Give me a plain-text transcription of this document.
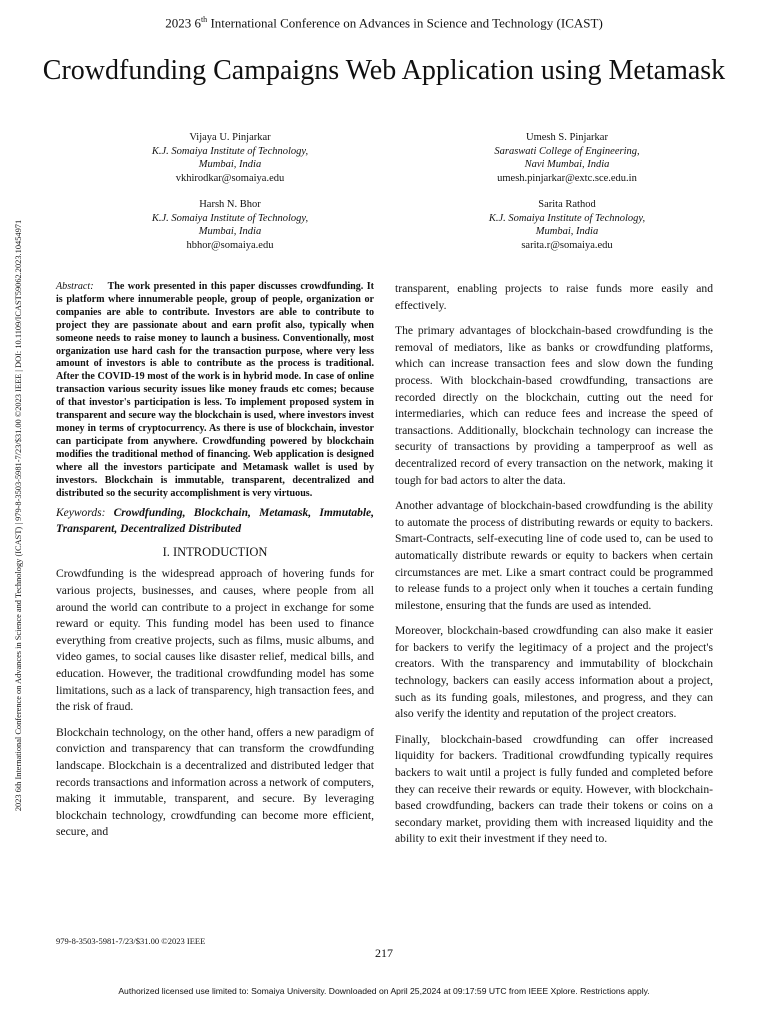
2023 6th International Conference on Advances in Science and Technology (ICAST)
Crowdfunding Campaigns Web Application using Metamask
Vijaya U. Pinjarkar
K.J. Somaiya Institute of Technology,
Mumbai, India
vkhirodkar@somaiya.edu
Umesh S. Pinjarkar
Saraswati College of Engineering,
Navi Mumbai, India
umesh.pinjarkar@extc.sce.edu.in
Harsh N. Bhor
K.J. Somaiya Institute of Technology,
Mumbai, India
hbhor@somaiya.edu
Sarita Rathod
K.J. Somaiya Institute of Technology,
Mumbai, India
sarita.r@somaiya.edu
2023 6th International Conference on Advances in Science and Technology (ICAST) | 979-8-3503-5981-7/23/$31.00 ©2023 IEEE | DOI: 10.1109/ICAST59062.2023.10454971	Abstract: The work presented in this paper discusses crowdfunding. It is platform where innumerable people, group of people, organization or companies are able to contribute. Investors are able to contribute to project they are passionate about and earn profit also, typically when someone needs to raise money to launch a business. Conventionally, most organization use hard cash for the transaction purpose, where very less amount of investors is able to contribute as the process is traditional. After the COVID-19 most of the work is in hybrid mode. In case of online transaction various security issues like money frauds etc comes; because of that investor's participation is less. To implement proposed system in transparent and secure way the blockchain is used, where investors invest money in terms of cryptocurrency. As there is use of blockchain, investor can participate from anywhere. Crowdfunding powered by blockchain modifies the traditional method of financing. Web application is designed where all the investors participate and Metamask wallet is used by investors. Blockchain is immutable, transparent, decentralized and distributed so the security accomplishment is very virtuous.

Keywords: Crowdfunding, Blockchain, Metamask, Immutable, Transparent, Decentralized Distributed

I. INTRODUCTION

Crowdfunding is the widespread approach of hovering funds for various projects, businesses, and causes, where people from all around the world can contribute to a project in exchange for some reward or equity. This funding model has been used to finance everything from creative projects, such as films, music albums, and video games, to social causes like disaster relief, medical bills, and education. However, the traditional crowdfunding model has some limitations, such as a lack of transparency, high transaction fees, and the risk of fraud.

Blockchain technology, on the other hand, offers a new paradigm of conviction and transparency that can transform the crowdfunding landscape. Blockchain is a decentralized and distributed ledger that records transactions and information across a network of computers, making it immutable, transparent, and secure. By leveraging blockchain technology, crowdfunding can become more efficient, secure, and

transparent, enabling projects to raise funds more easily and effectively.

The primary advantages of blockchain-based crowdfunding is the removal of mediators, like as banks or crowdfunding platforms, which can increase transaction fees and slow down the funding process. With blockchain-based crowdfunding, transactions are recorded directly on the blockchain, cutting out the need for intermediaries, which can reduce fees and increase the speed of transactions. Additionally, blockchain technology can increase the security of transactions by providing a tamperproof as well as decentralized record of every transaction on the network, making it tough for bad actors to alter the data.

Another advantage of blockchain-based crowdfunding is the ability to automate the process of distributing rewards or equity to backers. Smart-Contracts, self-executing line of code used to, can be used to automatically distribute rewards or equity to backers when certain circumstances are met. Like a smart contract could be programmed to release funds to a project only when it touches a certain funding milestone, ensuring that the funds are used as intended.

Moreover, blockchain-based crowdfunding can also make it easier for backers to verify the legitimacy of a project and the project's creators. With the transparency and immutability of blockchain technology, backers can easily access information about a project, such as its funding goals, milestones, and progress, and they can also verify the identity and reputation of the project creators.

Finally, blockchain-based crowdfunding can offer increased liquidity for backers. Traditional crowdfunding typically requires backers to wait until a project is fully funded and completed before they can receive their rewards or equity. However, with blockchain-based crowdfunding, backers can trade their tokens or coins on a secondary market, providing them with increased liquidity and the ability to exit their investment if they need to.

979-8-3503-5981-7/23/$31.00 ©2023 IEEE
217
Authorized licensed use limited to: Somaiya University. Downloaded on April 25,2024 at 09:17:59 UTC from IEEE Xplore. Restrictions apply.
